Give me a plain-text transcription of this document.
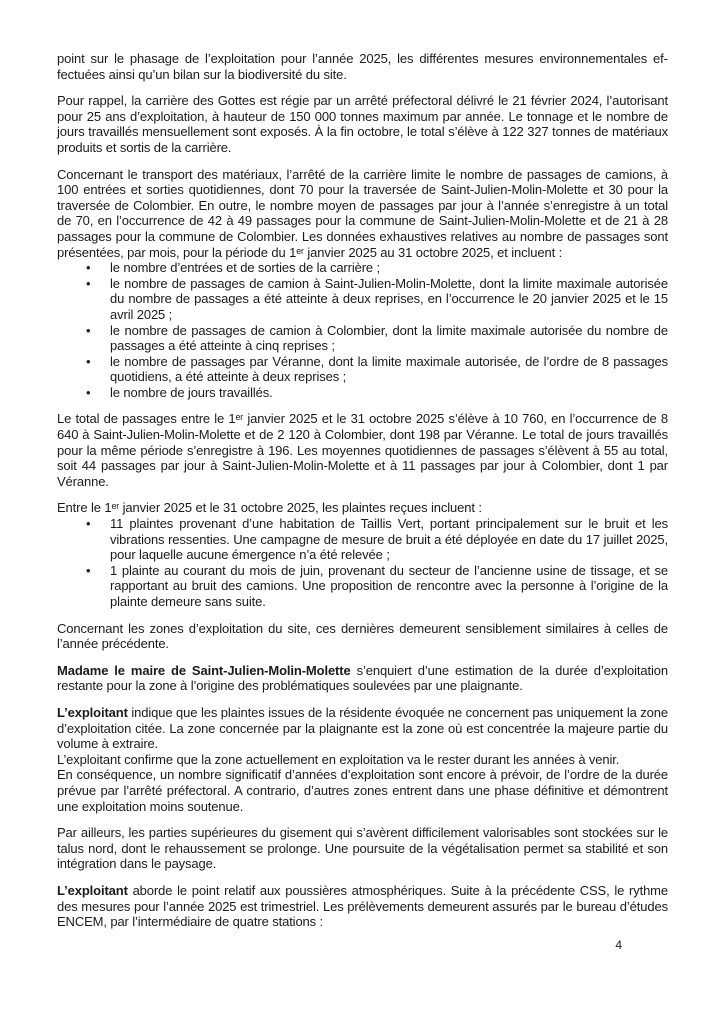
point sur le phasage de l’exploitation pour l’année 2025, les différentes mesures environnementales effectuées ainsi qu’un bilan sur la biodiversité du site.

Pour rappel, la carrière des Gottes est régie par un arrêté préfectoral délivré le 21 février 2024, l’autorisant pour 25 ans d’exploitation, à hauteur de 150 000 tonnes maximum par année. Le tonnage et le nombre de jours travaillés mensuellement sont exposés. À la fin octobre, le total s’élève à 122 327 tonnes de matériaux produits et sortis de la carrière.

Concernant le transport des matériaux, l’arrêté de la carrière limite le nombre de passages de camions, à 100 entrées et sorties quotidiennes, dont 70 pour la traversée de Saint-Julien-Molin-Molette et 30 pour la traversée de Colombier. En outre, le nombre moyen de passages par jour à l’année s’enregistre à un total de 70, en l’occurrence de 42 à 49 passages pour la commune de Saint-Julien-Molin-Molette et de 21 à 28 passages pour la commune de Colombier. Les données exhaustives relatives au nombre de passages sont présentées, par mois, pour la période du 1ᵉʳ janvier 2025 au 31 octobre 2025, et incluent :

• le nombre d’entrées et de sorties de la carrière ;
• le nombre de passages de camion à Saint-Julien-Molin-Molette, dont la limite maximale autorisée du nombre de passages a été atteinte à deux reprises, en l’occurrence le 20 janvier 2025 et le 15 avril 2025 ;
• le nombre de passages de camion à Colombier, dont la limite maximale autorisée du nombre de passages a été atteinte à cinq reprises ;
• le nombre de passages par Véranne, dont la limite maximale autorisée, de l’ordre de 8 passages quotidiens, a été atteinte à deux reprises ;
• le nombre de jours travaillés.

Le total de passages entre le 1ᵉʳ janvier 2025 et le 31 octobre 2025 s’élève à 10 760, en l’occurrence de 8 640 à Saint-Julien-Molin-Molette et de 2 120 à Colombier, dont 198 par Véranne. Le total de jours travaillés pour la même période s’enregistre à 196. Les moyennes quotidiennes de passages s’élèvent à 55 au total, soit 44 passages par jour à Saint-Julien-Molin-Molette et à 11 passages par jour à Colombier, dont 1 par Véranne.

Entre le 1ᵉʳ janvier 2025 et le 31 octobre 2025, les plaintes reçues incluent :

• 11 plaintes provenant d’une habitation de Taillis Vert, portant principalement sur le bruit et les vibrations ressenties. Une campagne de mesure de bruit a été déployée en date du 17 juillet 2025, pour laquelle aucune émergence n’a été relevée ;
• 1 plainte au courant du mois de juin, provenant du secteur de l’ancienne usine de tissage, et se rapportant au bruit des camions. Une proposition de rencontre avec la personne à l’origine de la plainte demeure sans suite.

Concernant les zones d’exploitation du site, ces dernières demeurent sensiblement similaires à celles de l’année précédente.

Madame le maire de Saint-Julien-Molin-Molette s’enquiert d’une estimation de la durée d’exploitation restante pour la zone à l’origine des problématiques soulevées par une plaignante.

L’exploitant indique que les plaintes issues de la résidente évoquée ne concernent pas uniquement la zone d’exploitation citée. La zone concernée par la plaignante est la zone où est concentrée la majeure partie du volume à extraire.

L’exploitant confirme que la zone actuellement en exploitation va le rester durant les années à venir.

En conséquence, un nombre significatif d’années d’exploitation sont encore à prévoir, de l’ordre de la durée prévue par l’arrêté préfectoral. A contrario, d’autres zones entrent dans une phase définitive et démontrent une exploitation moins soutenue.

Par ailleurs, les parties supérieures du gisement qui s’avèrent difficilement valorisables sont stockées sur le talus nord, dont le rehaussement se prolonge. Une poursuite de la végétalisation permet sa stabilité et son intégration dans le paysage.

L’exploitant aborde le point relatif aux poussières atmosphériques. Suite à la précédente CSS, le rythme des mesures pour l’année 2025 est trimestriel. Les prélèvements demeurent assurés par le bureau d’études ENCEM, par l’intermédiaire de quatre stations :

4
